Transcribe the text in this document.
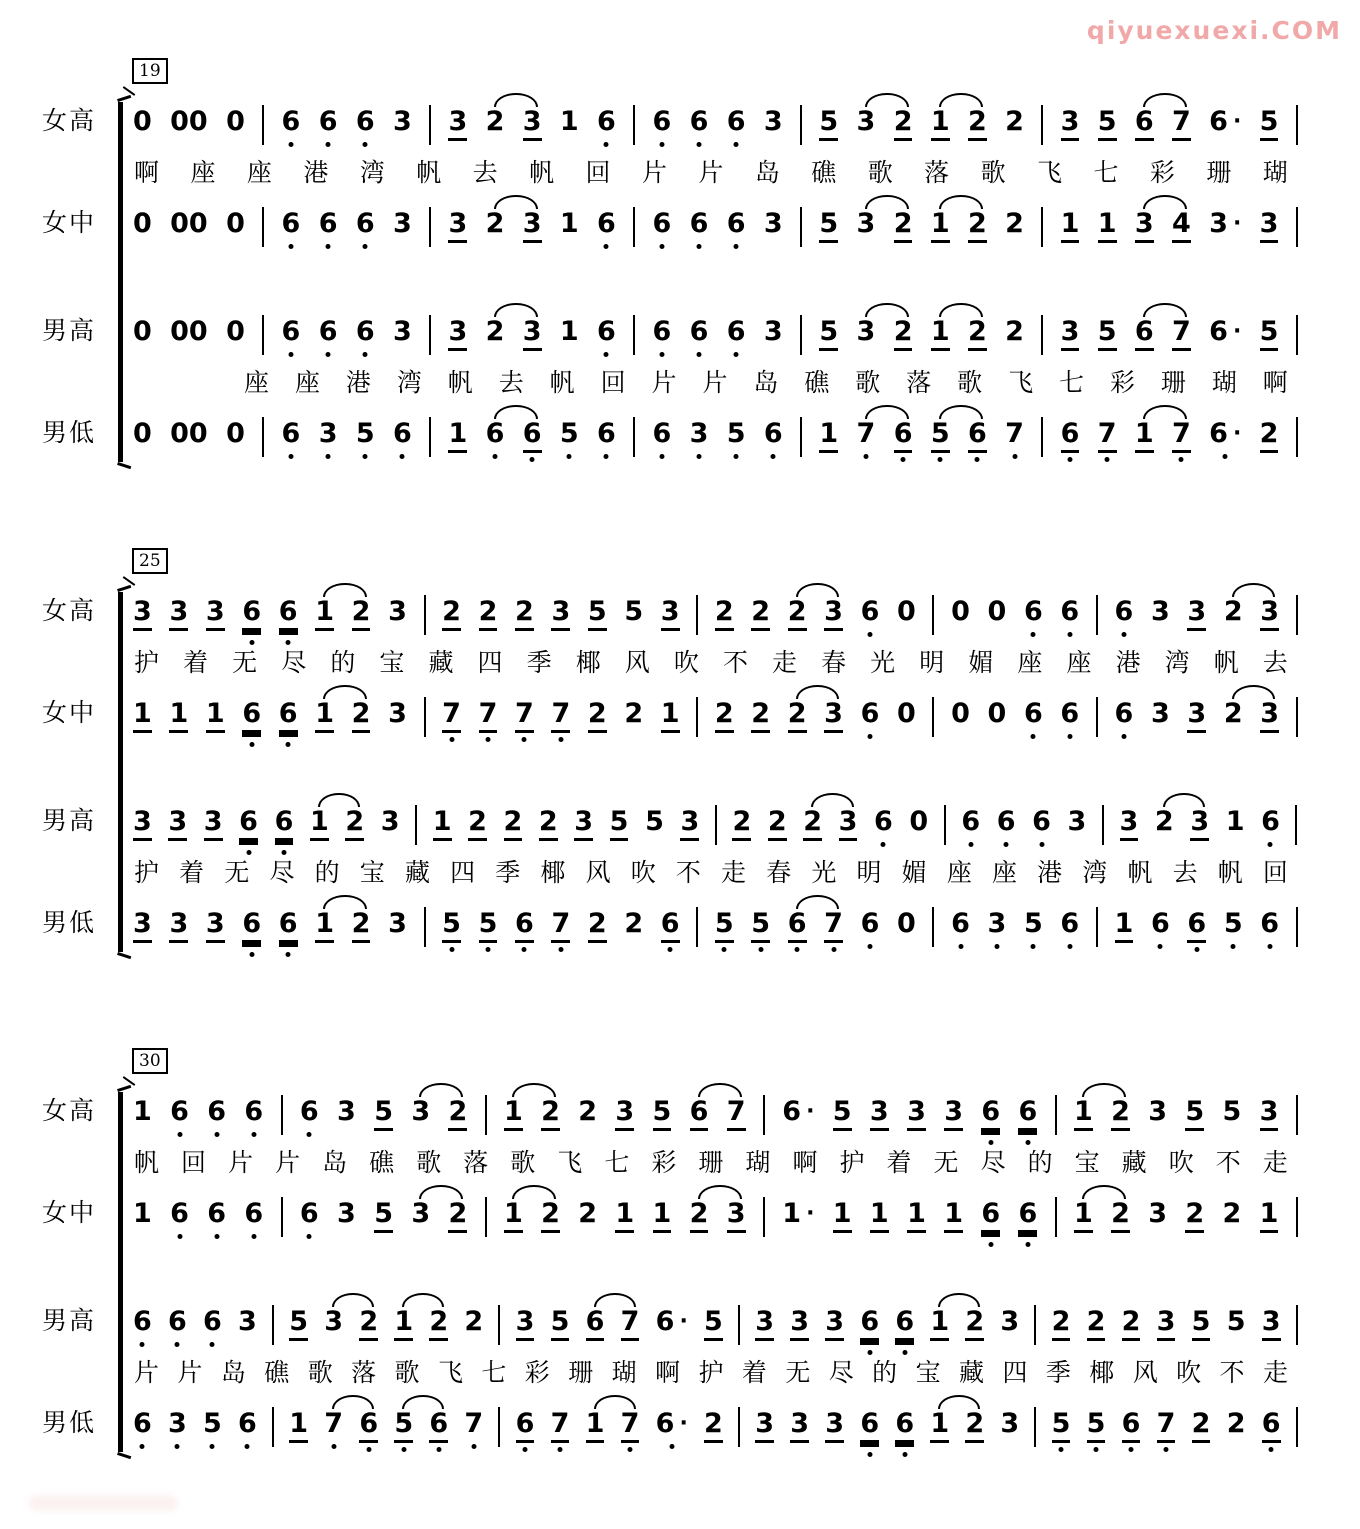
qiyuexuexi.COM
19
女高	0 00 0 6 6 6 3 3 2 3 1 6 6 6 6 3 5 3 2 1 2 2 3 5 6 7 6 · 5
啊 座 座 港 湾 帆 去 帆 回 片 片 岛 礁 歌 落 歌 飞 七 彩 珊 瑚
女中	0 00 0 6 6 6 3 3 2 3 1 6 6 6 6 3 5 3 2 1 2 2 1 1 3 4 3 · 3
男高	0 00 0 6 6 6 3 3 2 3 1 6 6 6 6 3 5 3 2 1 2 2 3 5 6 7 6 · 5
座 座 港 湾 帆 去 帆 回 片 片 岛 礁 歌 落 歌 飞 七 彩 珊 瑚 啊
男低	0 00 0 6 3 5 6 1 6 6 5 6 6 3 5 6 1 7 6 5 6 7 6 7 1 7 6 · 2
25
女高	3 3 3 6 6 1 2 3 2 2 2 3 5 5 3 2 2 2 3 6 0 0 0 6 6 6 3 3 2 3
护 着 无 尽 的 宝 藏 四 季 椰 风 吹 不 走 春 光 明 媚 座 座 港 湾 帆 去
女中	1 1 1 6 6 1 2 3 7 7 7 7 2 2 1 2 2 2 3 6 0 0 0 6 6 6 3 3 2 3
男高	3 3 3 6 6 1 2 3 1 2 2 2 3 5 5 3 2 2 2 3 6 0 6 6 6 3 3 2 3 1 6
护 着 无 尽 的 宝 藏 四 季 椰 风 吹 不 走 春 光 明 媚 座 座 港 湾 帆 去 帆 回
男低	3 3 3 6 6 1 2 3 5 5 6 7 2 2 6 5 5 6 7 6 0 6 3 5 6 1 6 6 5 6
30
女高	1 6 6 6 6 3 5 3 2 1 2 2 3 5 6 7 6 · 5 3 3 3 6 6 1 2 3 5 5 3
帆 回 片 片 岛 礁 歌 落 歌 飞 七 彩 珊 瑚 啊 护 着 无 尽 的 宝 藏 吹 不 走
女中	1 6 6 6 6 3 5 3 2 1 2 2 1 1 2 3 1 · 1 1 1 1 6 6 1 2 3 2 2 1
男高	6 6 6 3 5 3 2 1 2 2 3 5 6 7 6 · 5 3 3 3 6 6 1 2 3 2 2 2 3 5 5 3
片 片 岛 礁 歌 落 歌 飞 七 彩 珊 瑚 啊 护 着 无 尽 的 宝 藏 四 季 椰 风 吹 不 走
男低	6 3 5 6 1 7 6 5 6 7 6 7 1 7 6 · 2 3 3 3 6 6 1 2 3 5 5 6 7 2 2 6
